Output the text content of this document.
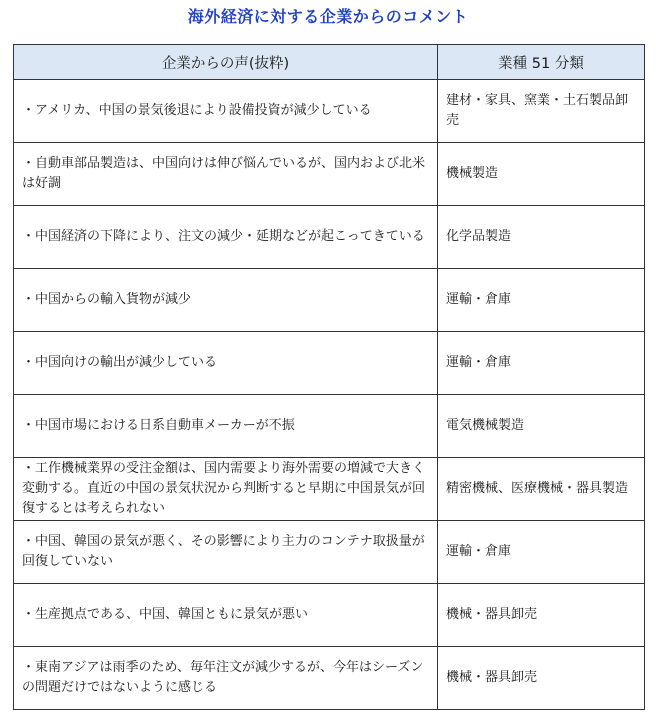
海外経済に対する企業からのコメント
企業からの声(抜粋)	業種 51 分類
・アメリカ、中国の景気後退により設備投資が減少している	建材・家具、窯業・土石製品卸売
・自動車部品製造は、中国向けは伸び悩んでいるが、国内および北米は好調	機械製造
・中国経済の下降により、注文の減少・延期などが起こってきている	化学品製造
・中国からの輸入貨物が減少	運輸・倉庫
・中国向けの輸出が減少している	運輸・倉庫
・中国市場における日系自動車メーカーが不振	電気機械製造
・工作機械業界の受注金額は、国内需要より海外需要の増減で大きく変動する。直近の中国の景気状況から判断すると早期に中国景気が回復するとは考えられない	精密機械、医療機械・器具製造
・中国、韓国の景気が悪く、その影響により主力のコンテナ取扱量が回復していない	運輸・倉庫
・生産拠点である、中国、韓国ともに景気が悪い	機械・器具卸売
・東南アジアは雨季のため、毎年注文が減少するが、今年はシーズンの問題だけではないように感じる	機械・器具卸売
